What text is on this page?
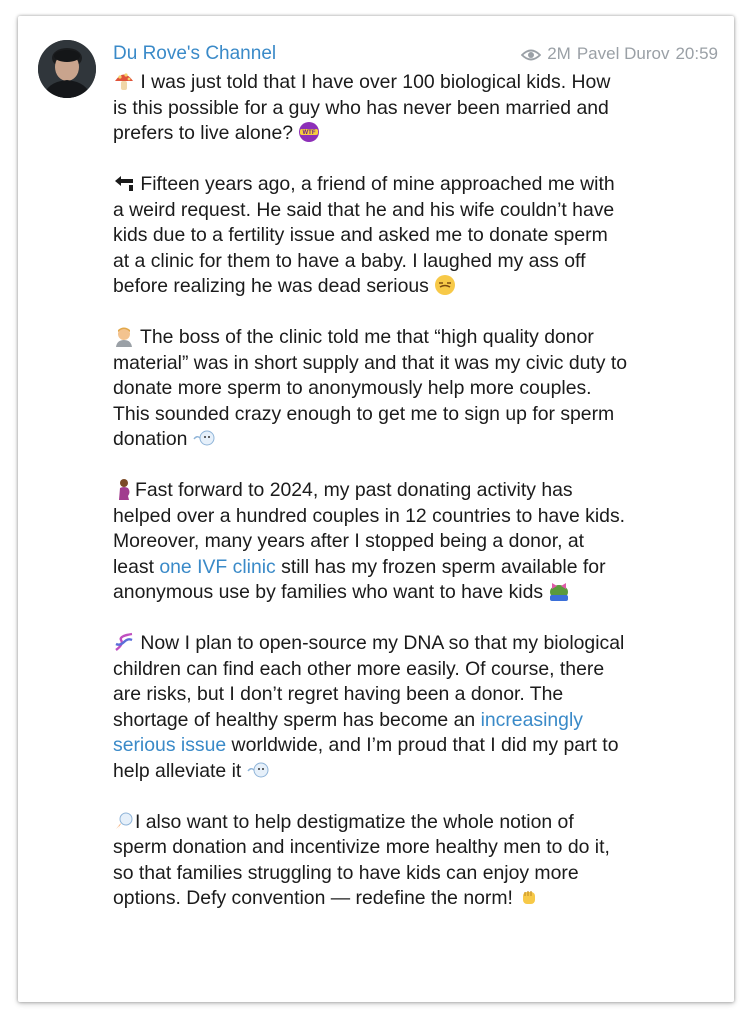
Du Rove's Channel	2M Pavel Durov 20:59

I was just told that I have over 100 biological kids. How is this possible for a guy who has never been married and prefers to live alone? WTF

Fifteen years ago, a friend of mine approached me with a weird request. He said that he and his wife couldn’t have kids due to a fertility issue and asked me to donate sperm at a clinic for them to have a baby. I laughed my ass off before realizing he was dead serious

The boss of the clinic told me that “high quality donor material” was in short supply and that it was my civic duty to donate more sperm to anonymously help more couples. This sounded crazy enough to get me to sign up for sperm donation

Fast forward to 2024, my past donating activity has helped over a hundred couples in 12 countries to have kids. Moreover, many years after I stopped being a donor, at least one IVF clinic still has my frozen sperm available for anonymous use by families who want to have kids

Now I plan to open-source my DNA so that my biological children can find each other more easily. Of course, there are risks, but I don’t regret having been a donor. The shortage of healthy sperm has become an increasingly serious issue worldwide, and I’m proud that I did my part to help alleviate it

I also want to help destigmatize the whole notion of sperm donation and incentivize more healthy men to do it, so that families struggling to have kids can enjoy more options. Defy convention — redefine the norm!
